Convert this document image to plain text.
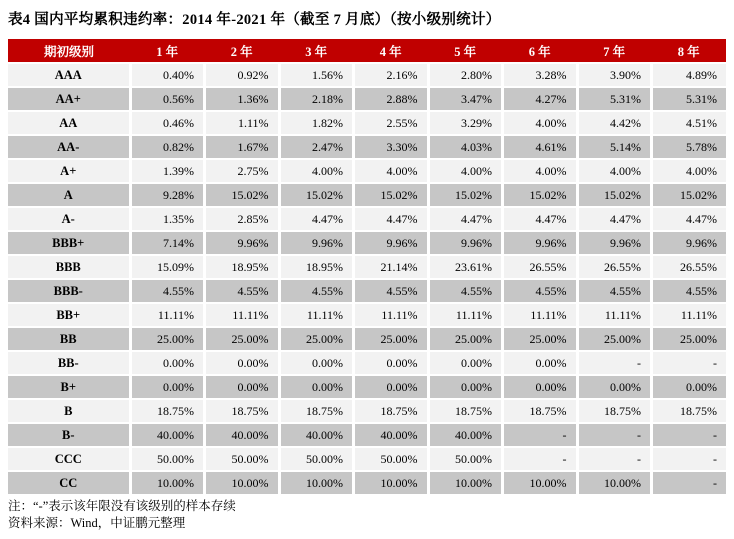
表4 国内平均累积违约率：2014 年-2021 年（截至 7 月底）（按小级别统计）
期初级别	1 年	2 年	3 年	4 年	5 年	6 年	7 年	8 年
AAA	0.40%	0.92%	1.56%	2.16%	2.80%	3.28%	3.90%	4.89%
AA+	0.56%	1.36%	2.18%	2.88%	3.47%	4.27%	5.31%	5.31%
AA	0.46%	1.11%	1.82%	2.55%	3.29%	4.00%	4.42%	4.51%
AA-	0.82%	1.67%	2.47%	3.30%	4.03%	4.61%	5.14%	5.78%
A+	1.39%	2.75%	4.00%	4.00%	4.00%	4.00%	4.00%	4.00%
A	9.28%	15.02%	15.02%	15.02%	15.02%	15.02%	15.02%	15.02%
A-	1.35%	2.85%	4.47%	4.47%	4.47%	4.47%	4.47%	4.47%
BBB+	7.14%	9.96%	9.96%	9.96%	9.96%	9.96%	9.96%	9.96%
BBB	15.09%	18.95%	18.95%	21.14%	23.61%	26.55%	26.55%	26.55%
BBB-	4.55%	4.55%	4.55%	4.55%	4.55%	4.55%	4.55%	4.55%
BB+	11.11%	11.11%	11.11%	11.11%	11.11%	11.11%	11.11%	11.11%
BB	25.00%	25.00%	25.00%	25.00%	25.00%	25.00%	25.00%	25.00%
BB-	0.00%	0.00%	0.00%	0.00%	0.00%	0.00%	-	-
B+	0.00%	0.00%	0.00%	0.00%	0.00%	0.00%	0.00%	0.00%
B	18.75%	18.75%	18.75%	18.75%	18.75%	18.75%	18.75%	18.75%
B-	40.00%	40.00%	40.00%	40.00%	40.00%	-	-	-
CCC	50.00%	50.00%	50.00%	50.00%	50.00%	-	-	-
CC	10.00%	10.00%	10.00%	10.00%	10.00%	10.00%	10.00%	-
注：“-”表示该年限没有该级别的样本存续
资料来源：Wind，中证鹏元整理
